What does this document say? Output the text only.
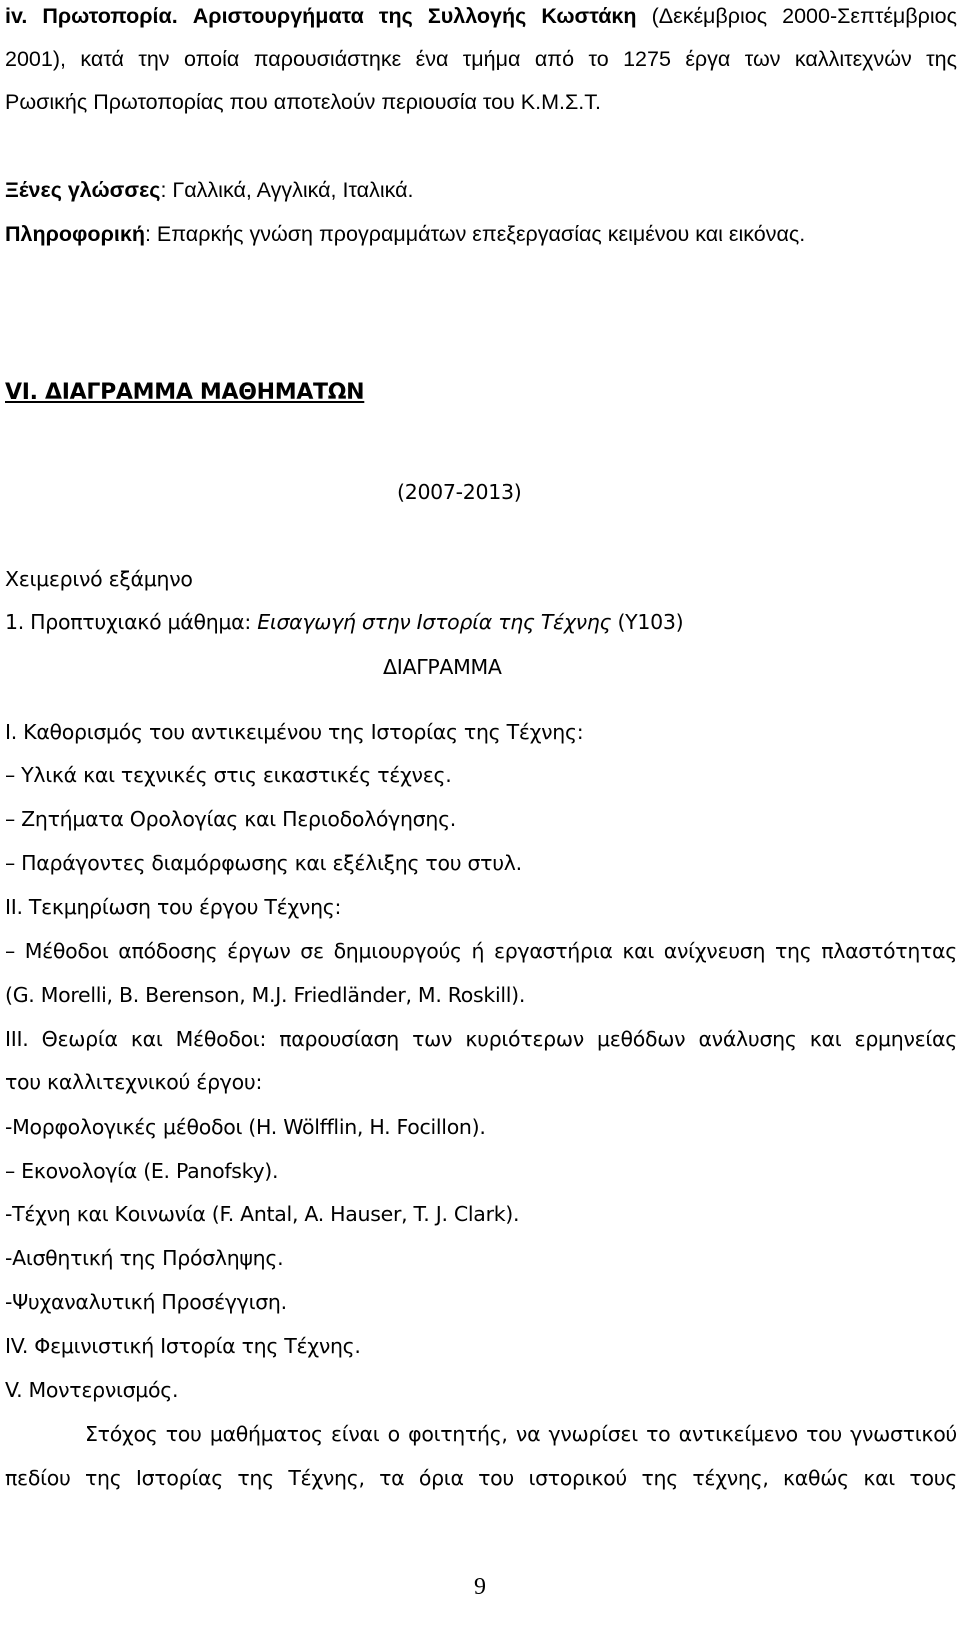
iv. Πρωτοπορία. Αριστουργήματα της Συλλογής Κωστάκη (Δεκέμβριος 2000-Σεπτέμβριος
2001), κατά την οποία παρουσιάστηκε ένα τμήμα από το 1275 έργα των καλλιτεχνών της
Ρωσικής Πρωτοπορίας που αποτελούν περιουσία του Κ.Μ.Σ.Τ.
Ξένες γλώσσες: Γαλλικά, Αγγλικά, Ιταλικά.
Πληροφορική: Επαρκής γνώση προγραμμάτων επεξεργασίας κειμένου και εικόνας.
VI. ΔΙΑΓΡΑΜΜΑ ΜΑΘΗΜΑΤΩΝ
(2007-2013)
Χειμερινό εξάμηνο
1. Προπτυχιακό μάθημα: Εισαγωγή στην Ιστορία της Τέχνης (Υ103)
ΔΙΑΓΡΑΜΜΑ
I. Καθορισμός του αντικειμένου της Ιστορίας της Τέχνης:
– Υλικά και τεχνικές στις εικαστικές τέχνες.
– Ζητήματα Ορολογίας και Περιοδολόγησης.
– Παράγοντες διαμόρφωσης και εξέλιξης του στυλ.
II. Τεκμηρίωση του έργου Τέχνης:
– Μέθοδοι απόδοσης έργων σε δημιουργούς ή εργαστήρια και ανίχνευση της πλαστότητας
(G. Morelli, B. Berenson, M.J. Friedländer, M. Roskill).
III. Θεωρία και Μέθοδοι: παρουσίαση των κυριότερων μεθόδων ανάλυσης και ερμηνείας
του καλλιτεχνικού έργου:
-Μορφολογικές μέθοδοι (H. Wölfflin, H. Focillon).
– Εκονολογία (E. Panofsky).
-Τέχνη και Κοινωνία (F. Antal, A. Hauser, T. J. Clark).
-Αισθητική της Πρόσληψης.
-Ψυχαναλυτική Προσέγγιση.
IV. Φεμινιστική Ιστορία της Τέχνης.
V. Μοντερνισμός.
Στόχος του μαθήματος είναι ο φοιτητής, να γνωρίσει το αντικείμενο του γνωστικού
πεδίου της Ιστορίας της Τέχνης, τα όρια του ιστορικού της τέχνης, καθώς και τους
9
